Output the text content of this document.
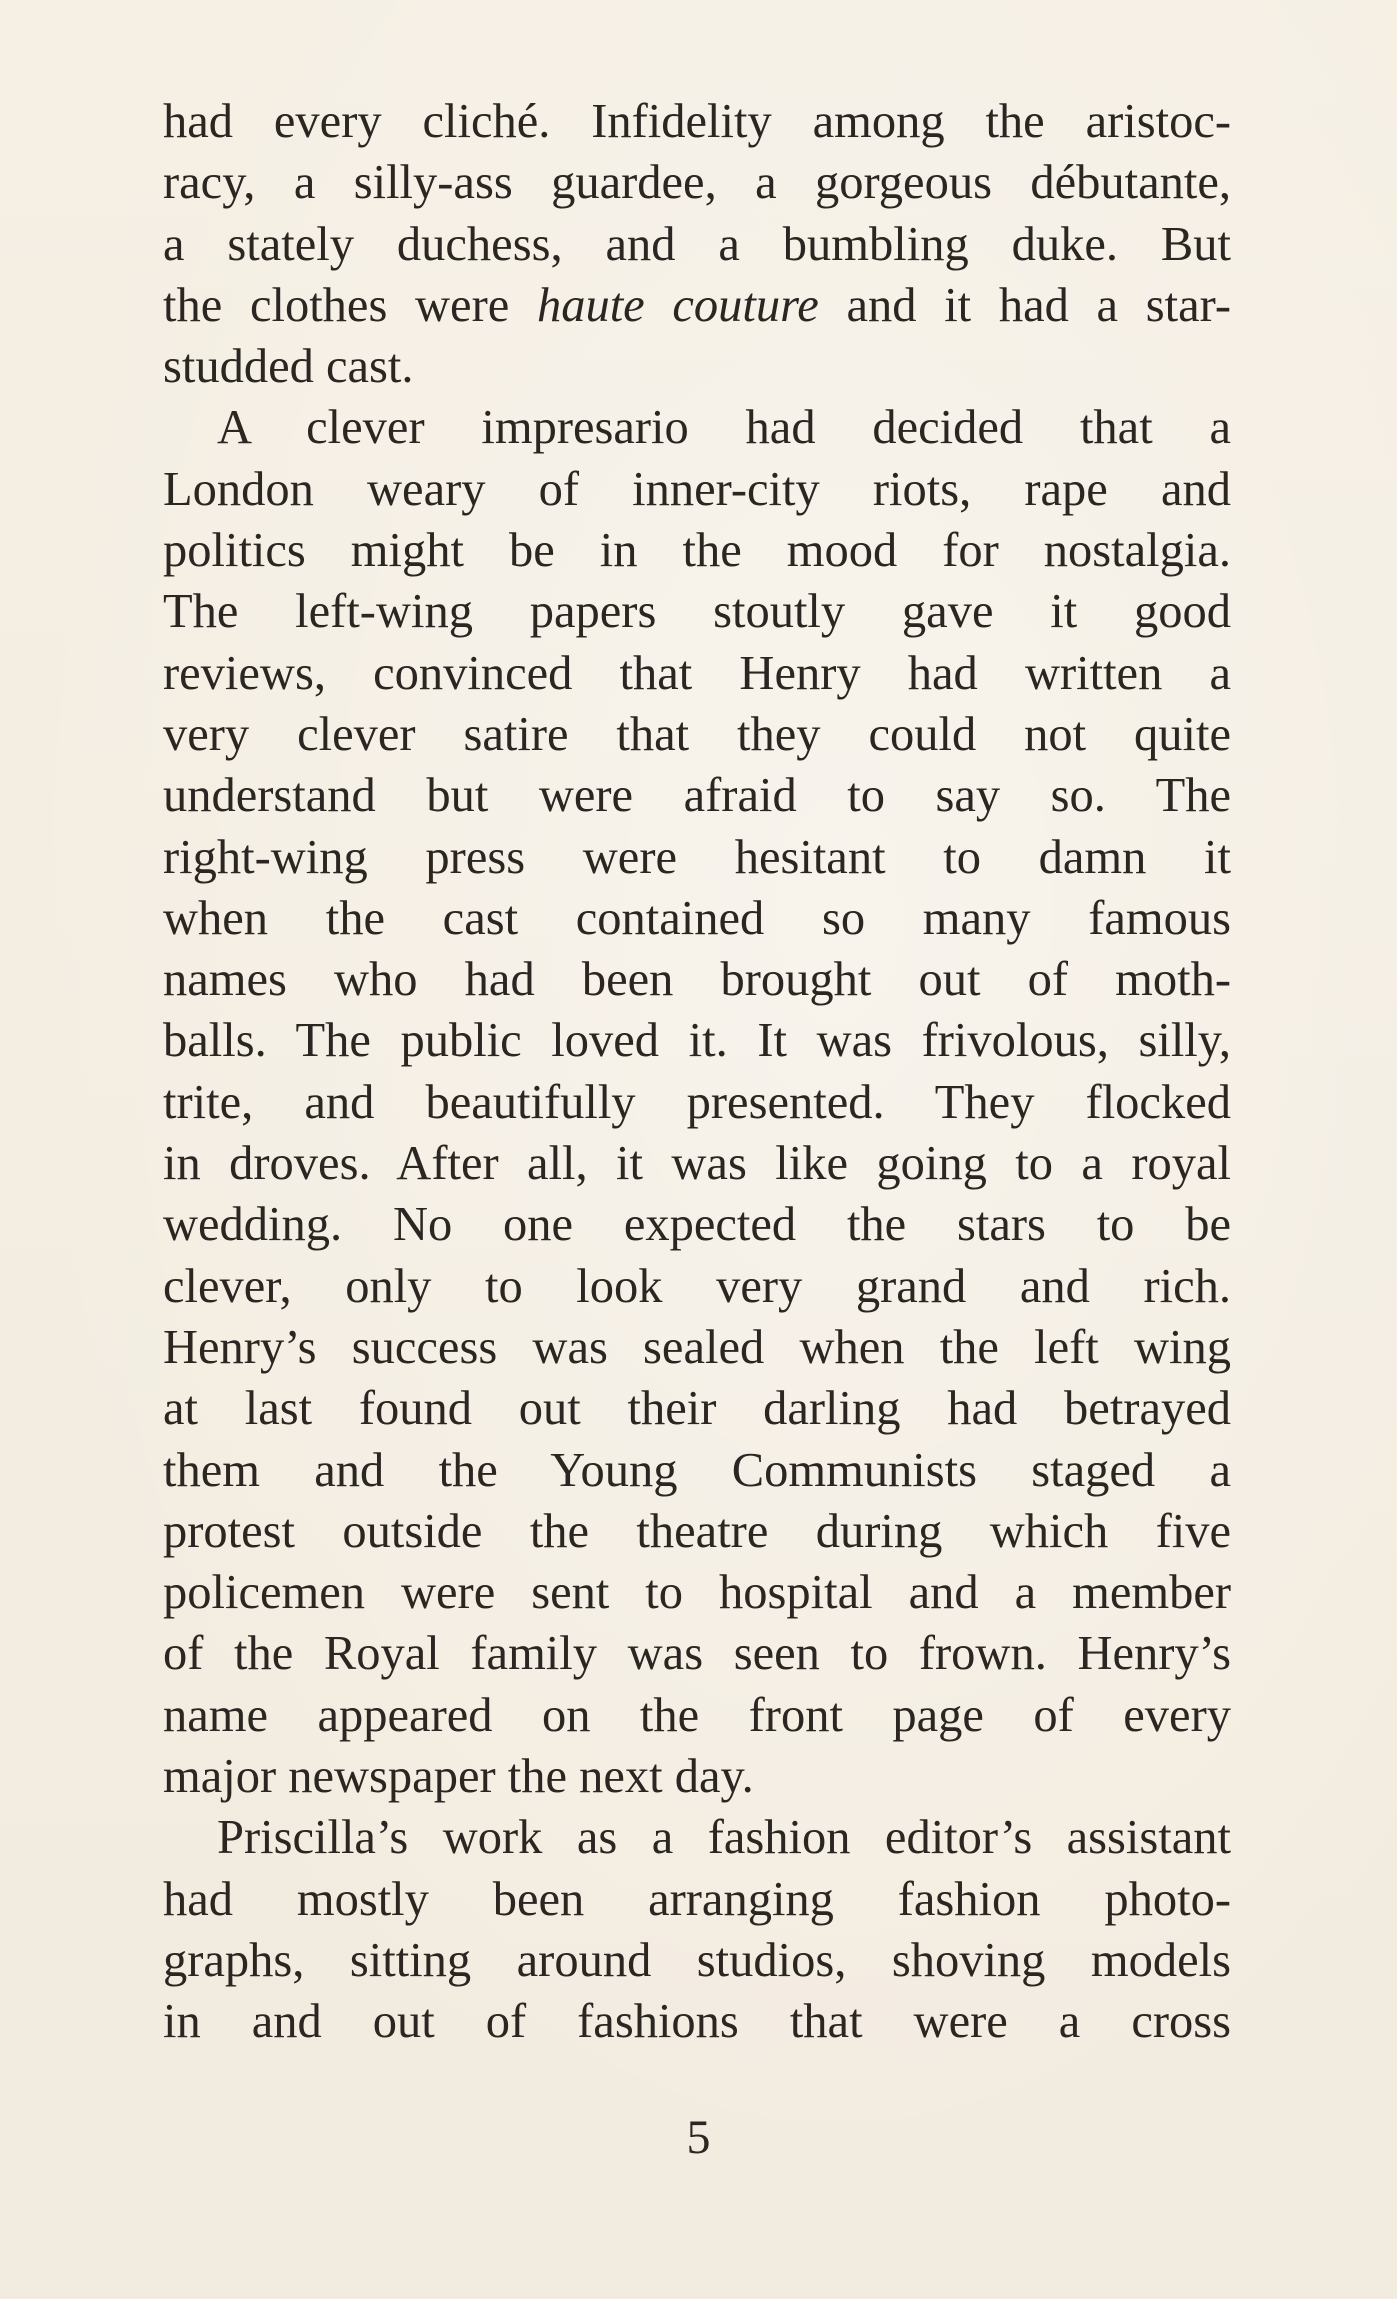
had every cliché. Infidelity among the aristoc-
racy, a silly-ass guardee, a gorgeous débutante,
a stately duchess, and a bumbling duke. But
the clothes were haute couture and it had a star-
studded cast.
A clever impresario had decided that a
London weary of inner-city riots, rape and
politics might be in the mood for nostalgia.
The left-wing papers stoutly gave it good
reviews, convinced that Henry had written a
very clever satire that they could not quite
understand but were afraid to say so. The
right-wing press were hesitant to damn it
when the cast contained so many famous
names who had been brought out of moth-
balls. The public loved it. It was frivolous, silly,
trite, and beautifully presented. They flocked
in droves. After all, it was like going to a royal
wedding. No one expected the stars to be
clever, only to look very grand and rich.
Henry’s success was sealed when the left wing
at last found out their darling had betrayed
them and the Young Communists staged a
protest outside the theatre during which five
policemen were sent to hospital and a member
of the Royal family was seen to frown. Henry’s
name appeared on the front page of every
major newspaper the next day.
Priscilla’s work as a fashion editor’s assistant
had mostly been arranging fashion photo-
graphs, sitting around studios, shoving models
in and out of fashions that were a cross
5
